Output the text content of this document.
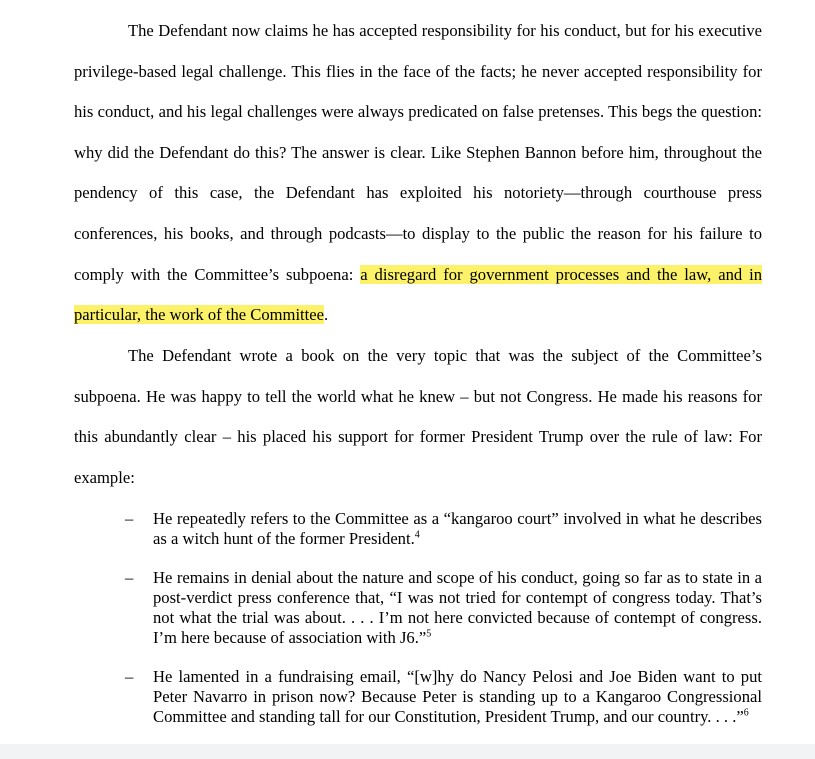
The Defendant now claims he has accepted responsibility for his conduct, but for his executive privilege-based legal challenge. This flies in the face of the facts; he never accepted responsibility for his conduct, and his legal challenges were always predicated on false pretenses. This begs the question: why did the Defendant do this? The answer is clear. Like Stephen Bannon before him, throughout the pendency of this case, the Defendant has exploited his notoriety—through courthouse press conferences, his books, and through podcasts—to display to the public the reason for his failure to comply with the Committee’s subpoena: a disregard for government processes and the law, and in particular, the work of the Committee.

The Defendant wrote a book on the very topic that was the subject of the Committee’s subpoena. He was happy to tell the world what he knew – but not Congress. He made his reasons for this abundantly clear – his placed his support for former President Trump over the rule of law: For example:

– He repeatedly refers to the Committee as a “kangaroo court” involved in what he describes as a witch hunt of the former President.$^4$
– He remains in denial about the nature and scope of his conduct, going so far as to state in a post-verdict press conference that, “I was not tried for contempt of congress today. That’s not what the trial was about. . . . I’m not here convicted because of contempt of congress. I’m here because of association with J6.”$^5$
– He lamented in a fundraising email, “[w]hy do Nancy Pelosi and Joe Biden want to put Peter Navarro in prison now? Because Peter is standing up to a Kangaroo Congressional Committee and standing tall for our Constitution, President Trump, and our country. . . .”$^6$
